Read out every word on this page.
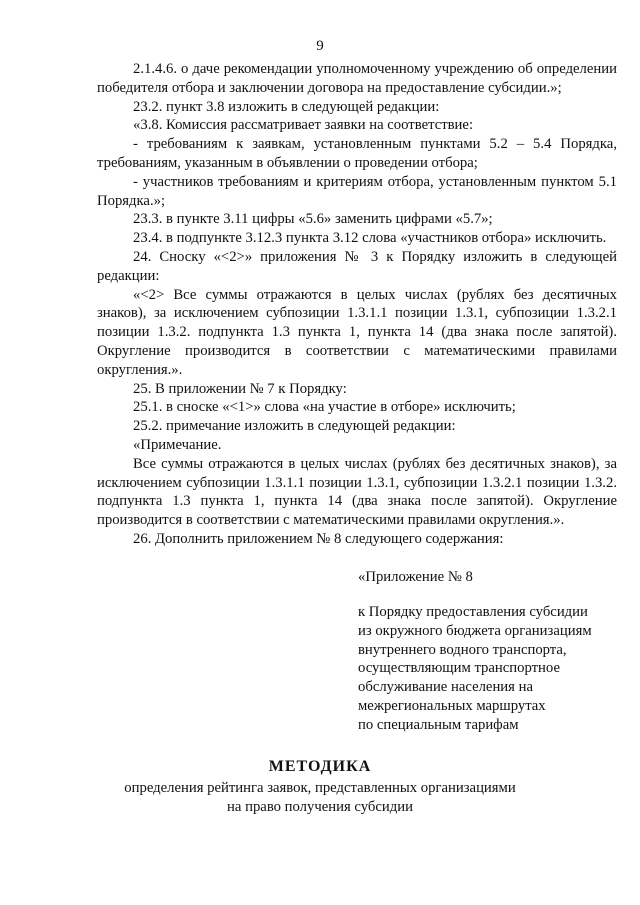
9

2.1.4.6. о даче рекомендации уполномоченному учреждению об определении победителя отбора и заключении договора на предоставление субсидии.»;

23.2. пункт 3.8 изложить в следующей редакции:

«3.8. Комиссия рассматривает заявки на соответствие:

- требованиям к заявкам, установленным пунктами 5.2 – 5.4 Порядка, требованиям, указанным в объявлении о проведении отбора;

- участников требованиям и критериям отбора, установленным пунктом 5.1 Порядка.»;

23.3. в пункте 3.11 цифры «5.6» заменить цифрами «5.7»;

23.4. в подпункте 3.12.3 пункта 3.12 слова «участников отбора» исключить.

24. Сноску «<2>» приложения № 3 к Порядку изложить в следующей редакции:

«<2> Все суммы отражаются в целых числах (рублях без десятичных знаков), за исключением субпозиции 1.3.1.1 позиции 1.3.1, субпозиции 1.3.2.1 позиции 1.3.2. подпункта 1.3 пункта 1, пункта 14 (два знака после запятой). Округление производится в соответствии с математическими правилами округления.».

25. В приложении № 7 к Порядку:

25.1. в сноске «<1>» слова «на участие в отборе» исключить;

25.2. примечание изложить в следующей редакции:

«Примечание.

Все суммы отражаются в целых числах (рублях без десятичных знаков), за исключением субпозиции 1.3.1.1 позиции 1.3.1, субпозиции 1.3.2.1 позиции 1.3.2. подпункта 1.3 пункта 1, пункта 14 (два знака после запятой). Округление производится в соответствии с математическими правилами округления.».

26. Дополнить приложением № 8 следующего содержания:

«Приложение № 8
к Порядку предоставления субсидии
из окружного бюджета организациям
внутреннего водного транспорта,
осуществляющим транспортное
обслуживание населения на
межрегиональных маршрутах
по специальным тарифам
МЕТОДИКА
определения рейтинга заявок, представленных организациями
на право получения субсидии
